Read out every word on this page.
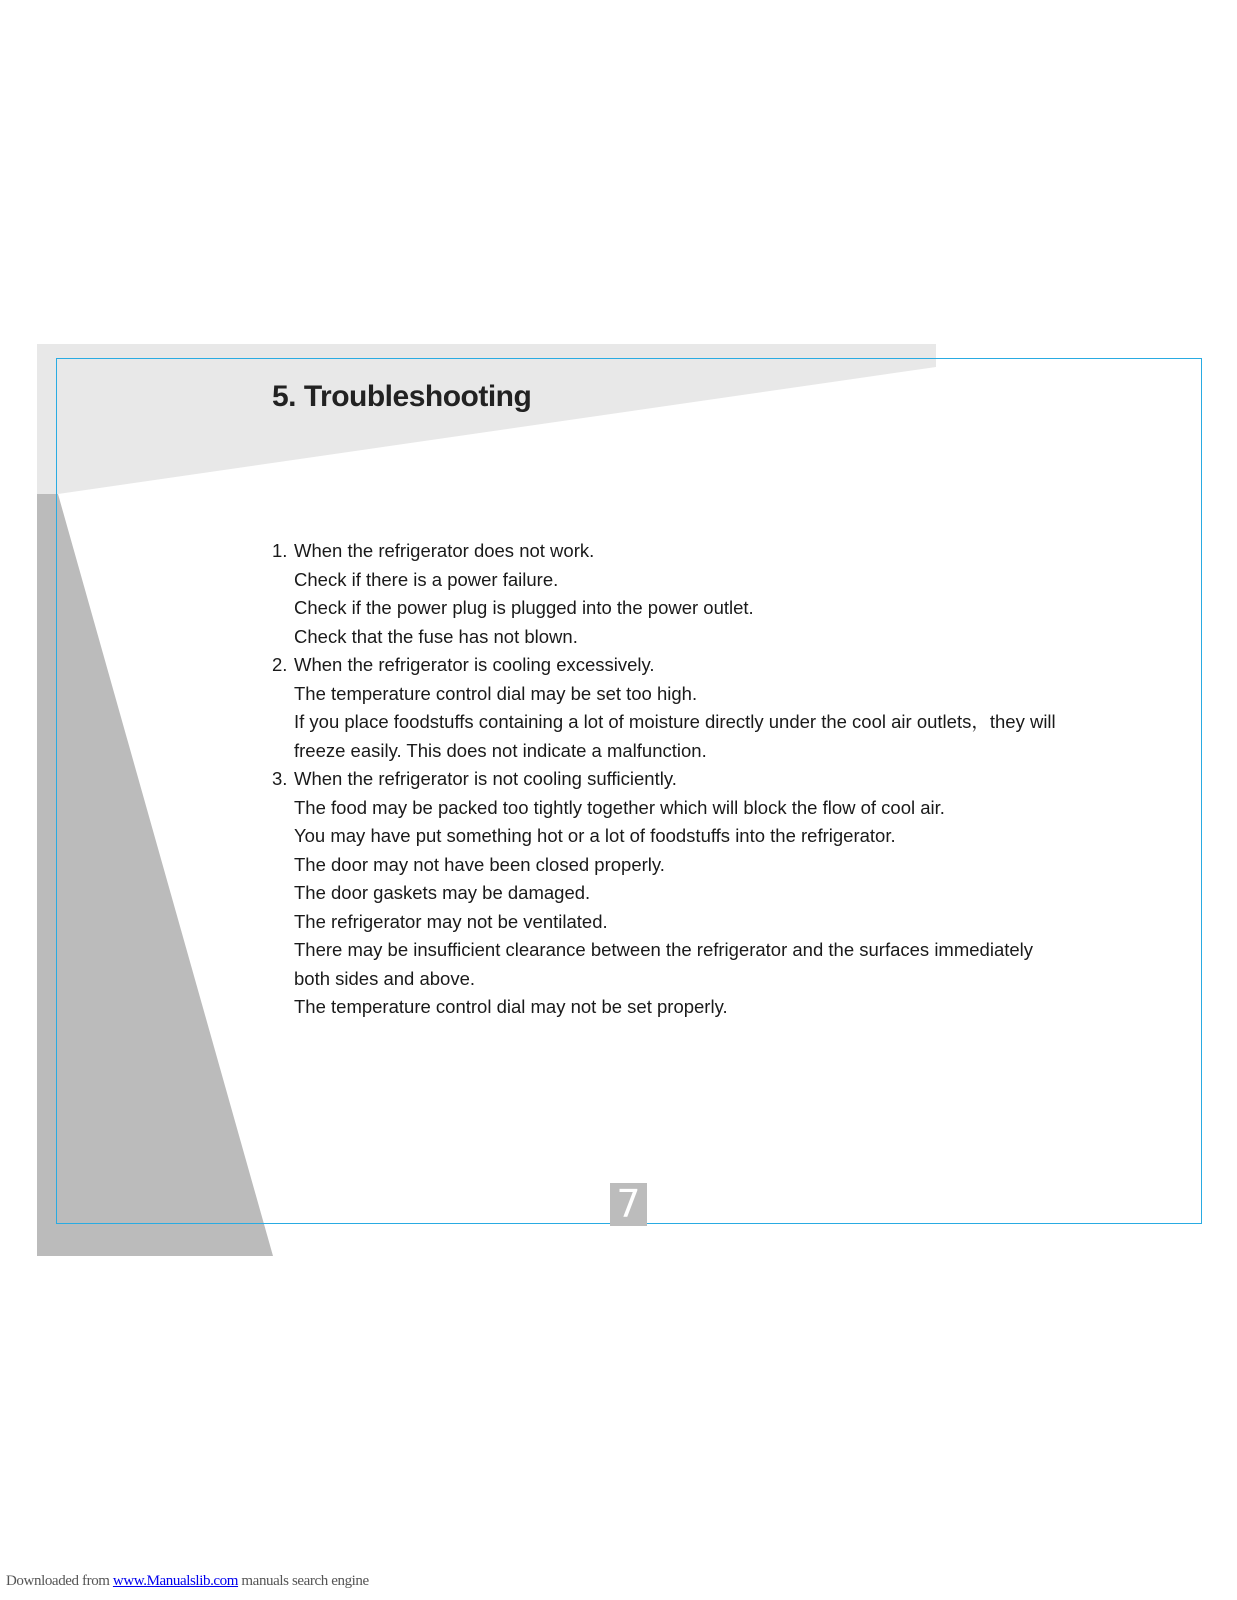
5. Troubleshooting
1. When the refrigerator does not work.
Check if there is a power failure.
Check if the power plug is plugged into the power outlet.
Check that the fuse has not blown.
2. When the refrigerator is cooling excessively.
The temperature control dial may be set too high.
If you place foodstuffs containing a lot of moisture directly under the cool air outlets，they will
freeze easily. This does not indicate a malfunction.
3. When the refrigerator is not cooling sufficiently.
The food may be packed too tightly together which will block the flow of cool air.
You may have put something hot or a lot of foodstuffs into the refrigerator.
The door may not have been closed properly.
The door gaskets may be damaged.
The refrigerator may not be ventilated.
There may be insufficient clearance between the refrigerator and the surfaces immediately
both sides and above.
The temperature control dial may not be set properly.
7
Downloaded from www.Manualslib.com manuals search engine
